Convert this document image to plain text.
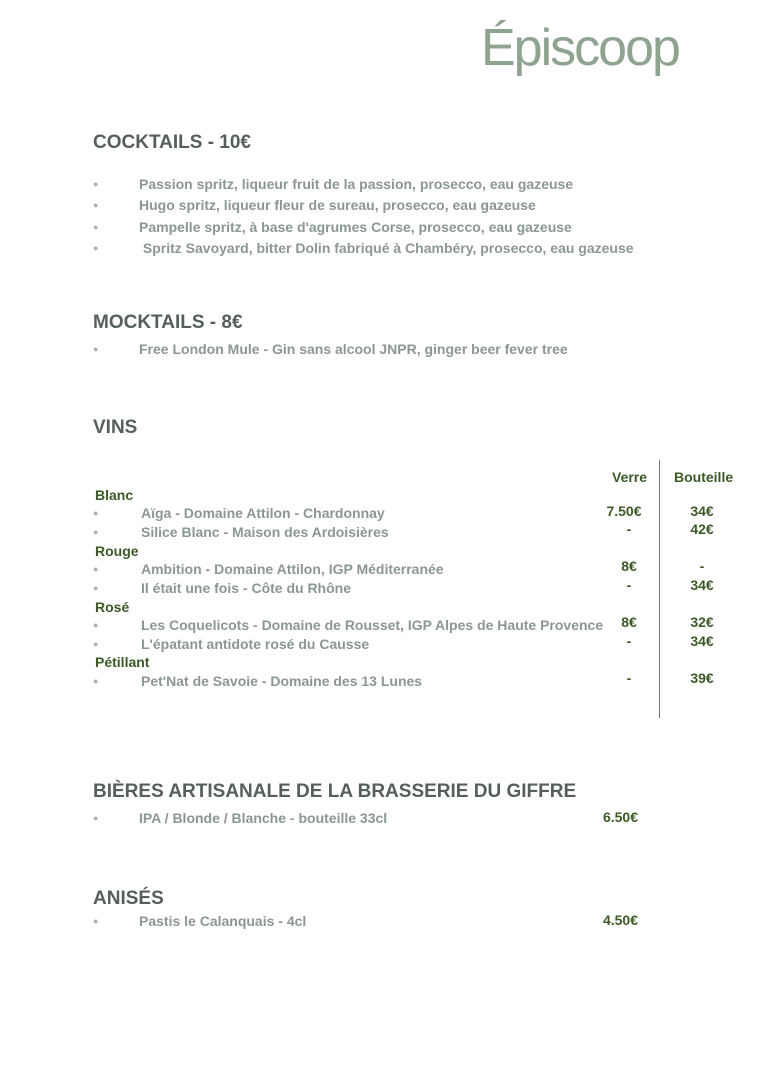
Épiscoop
COCKTAILS - 10€
●	Passion spritz, liqueur fruit de la passion, prosecco, eau gazeuse
●	Hugo spritz, liqueur fleur de sureau, prosecco, eau gazeuse
●	Pampelle spritz, à base d'agrumes Corse, prosecco, eau gazeuse
●	Spritz Savoyard, bitter Dolin fabriqué à Chambéry, prosecco, eau gazeuse
MOCKTAILS - 8€
●	Free London Mule - Gin sans alcool JNPR, ginger beer fever tree
VINS
Verre Bouteille
Blanc
●	Aïga - Domaine Attilon - Chardonnay	7.50€	34€
●	Silice Blanc - Maison des Ardoisières	-	42€
Rouge
●	Ambition - Domaine Attilon, IGP Méditerranée	8€	-
●	Il était une fois - Côte du Rhône	-	34€
Rosé
●	Les Coquelicots - Domaine de Rousset, IGP Alpes de Haute Provence	8€	32€
●	L'épatant antidote rosé du Causse	-	34€
Pétillant
●	Pet'Nat de Savoie - Domaine des 13 Lunes	-	39€
BIÈRES ARTISANALE DE LA BRASSERIE DU GIFFRE
●	IPA / Blonde / Blanche - bouteille 33cl	6.50€
ANISÉS
●	Pastis le Calanquais - 4cl	4.50€
